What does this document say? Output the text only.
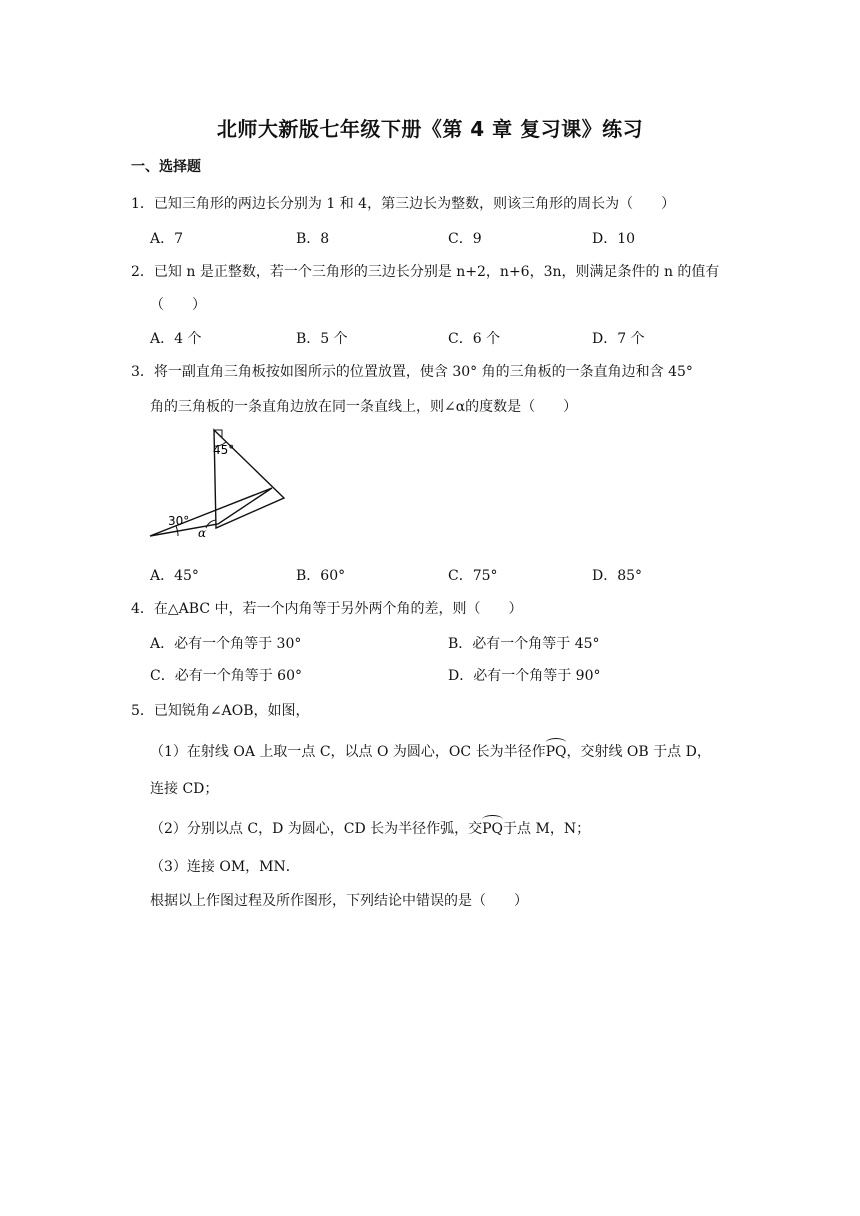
北师大新版七年级下册《第 4 章 复习课》练习
一、选择题
1．已知三角形的两边长分别为 1 和 4，第三边长为整数，则该三角形的周长为（　　）
A．7	B．8	C．9	D．10
2．已知 n 是正整数，若一个三角形的三边长分别是 n+2，n+6，3n，则满足条件的 n 的值有
（　　）
A．4 个	B．5 个	C．6 个	D．7 个
3．将一副直角三角板按如图所示的位置放置，使含 30° 角的三角板的一条直角边和含 45°
角的三角板的一条直角边放在同一条直线上，则∠α的度数是（　　）
45°
30°
α
A．45°	B．60°	C．75°	D．85°
4．在△ABC 中，若一个内角等于另外两个角的差，则（　　）
A．必有一个角等于 30°	B．必有一个角等于 45°
C．必有一个角等于 60°	D．必有一个角等于 90°
5．已知锐角∠AOB，如图，
（1）在射线 OA 上取一点 C，以点 O 为圆心，OC 长为半径作PQ，交射线 OB 于点 D，
连接 CD；
（2）分别以点 C，D 为圆心，CD 长为半径作弧，交PQ于点 M，N；
（3）连接 OM，MN．
根据以上作图过程及所作图形，下列结论中错误的是（　　）
